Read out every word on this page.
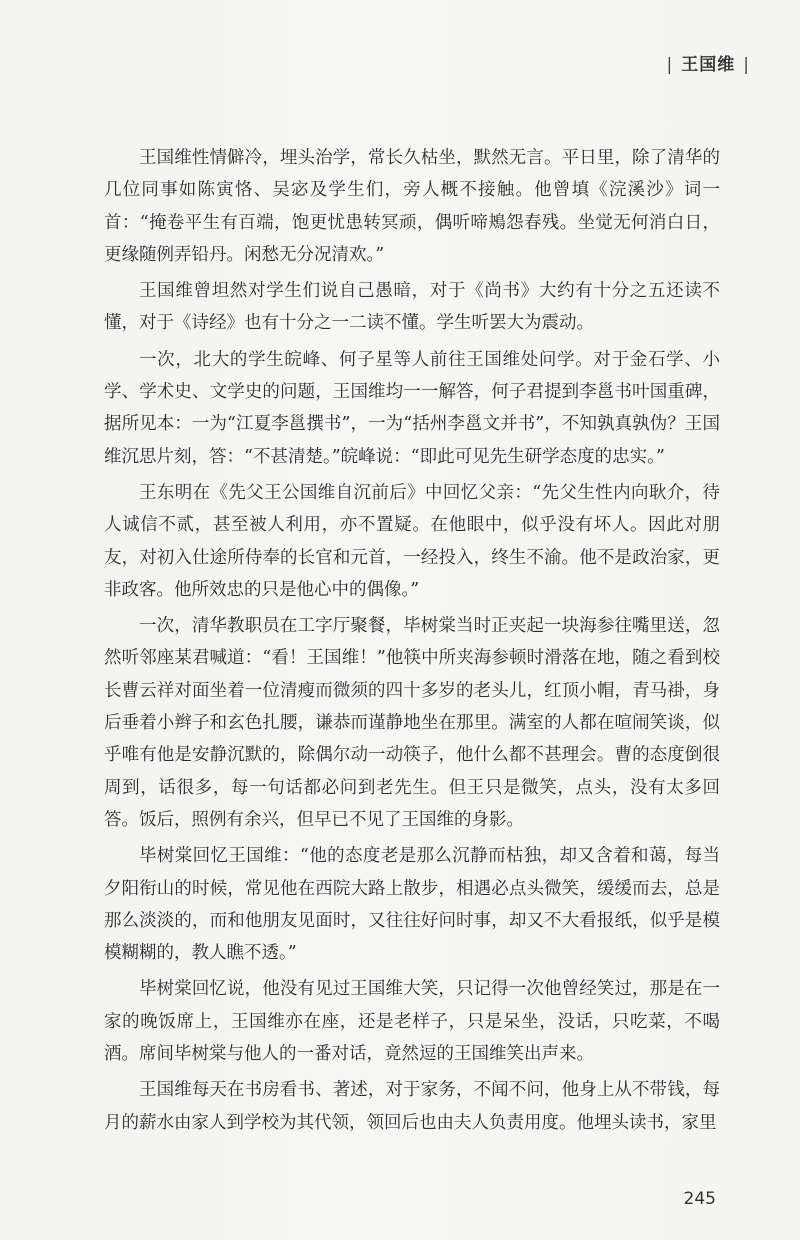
| 王国维 |

王国维性情僻冷，埋头治学，常长久枯坐，默然无言。平日里，除了清华的几位同事如陈寅恪、吴宓及学生们，旁人概不接触。他曾填《浣溪沙》词一首：“掩卷平生有百端，饱更忧患转冥顽，偶听啼鴂怨春残。坐觉无何消白日，更缘随例弄铅丹。闲愁无分况清欢。”

王国维曾坦然对学生们说自己愚暗，对于《尚书》大约有十分之五还读不懂，对于《诗经》也有十分之一二读不懂。学生听罢大为震动。

一次，北大的学生皖峰、何子星等人前往王国维处问学。对于金石学、小学、学术史、文学史的问题，王国维均一一解答，何子君提到李邕书叶国重碑，据所见本：一为“江夏李邕撰书”，一为“括州李邕文并书”，不知孰真孰伪？王国维沉思片刻，答：“不甚清楚。”皖峰说：“即此可见先生研学态度的忠实。”

王东明在《先父王公国维自沉前后》中回忆父亲：“先父生性内向耿介，待人诚信不贰，甚至被人利用，亦不置疑。在他眼中，似乎没有坏人。因此对朋友，对初入仕途所侍奉的长官和元首，一经投入，终生不渝。他不是政治家，更非政客。他所效忠的只是他心中的偶像。”

一次，清华教职员在工字厅聚餐，毕树棠当时正夹起一块海参往嘴里送，忽然听邻座某君喊道：“看！王国维！”他筷中所夹海参顿时滑落在地，随之看到校长曹云祥对面坐着一位清瘦而微须的四十多岁的老头儿，红顶小帽，青马褂，身后垂着小辫子和玄色扎腰，谦恭而谨静地坐在那里。满室的人都在喧闹笑谈，似乎唯有他是安静沉默的，除偶尔动一动筷子，他什么都不甚理会。曹的态度倒很周到，话很多，每一句话都必问到老先生。但王只是微笑，点头，没有太多回答。饭后，照例有余兴，但早已不见了王国维的身影。

毕树棠回忆王国维：“他的态度老是那么沉静而枯独，却又含着和蔼，每当夕阳衔山的时候，常见他在西院大路上散步，相遇必点头微笑，缓缓而去，总是那么淡淡的，而和他朋友见面时，又往往好问时事，却又不大看报纸，似乎是模模糊糊的，教人瞧不透。”

毕树棠回忆说，他没有见过王国维大笑，只记得一次他曾经笑过，那是在一家的晚饭席上，王国维亦在座，还是老样子，只是呆坐，没话，只吃菜，不喝酒。席间毕树棠与他人的一番对话，竟然逗的王国维笑出声来。

王国维每天在书房看书、著述，对于家务，不闻不问，他身上从不带钱，每月的薪水由家人到学校为其代领，领回后也由夫人负责用度。他埋头读书，家里

245
